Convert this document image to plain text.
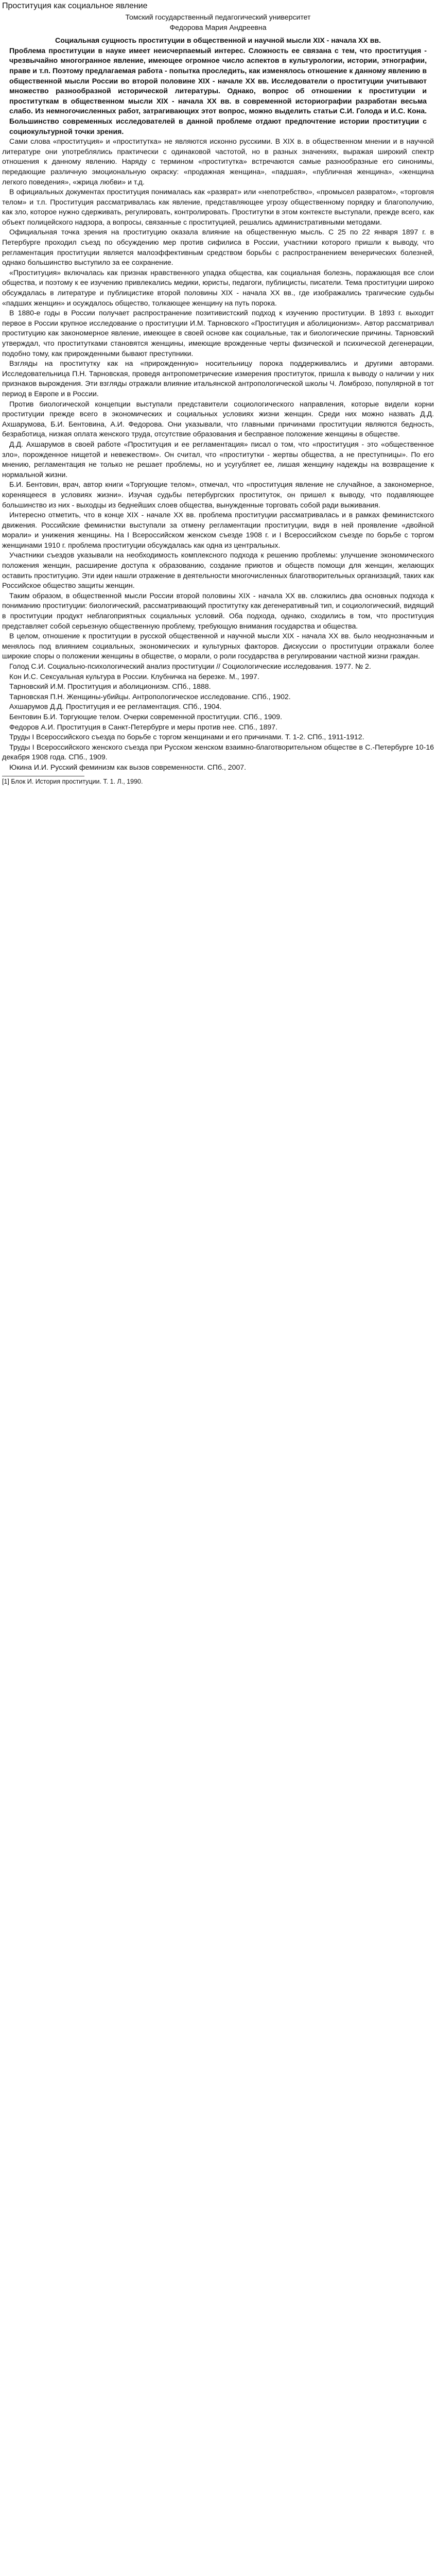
Проституция как социальное явление

Томский государственный педагогический университет

Федорова Мария Андреевна

Социальная сущность проституции в общественной и научной мысли XIX - начала XX вв.

Проблема проституции в науке имеет неисчерпаемый интерес. Сложность ее связана с тем, что проституция - чрезвычайно многогранное явление, имеющее огромное число аспектов в культурологии, истории, этнографии, праве и т.п. Поэтому предлагаемая работа - попытка проследить, как изменялось отношение к данному явлению в общественной мысли России во второй половине XIX - начале XX вв. Исследователи о проституции учитывают множество разнообразной исторической литературы. Однако, вопрос об отношении к проституции и проституткам в общественном мысли XIX - начала XX вв. в современной историографии разработан весьма слабо. Из немногочисленных работ, затрагивающих этот вопрос, можно выделить статьи С.И. Голода и И.С. Кона. Большинство современных исследователей в данной проблеме отдают предпочтение истории проституции с социокультурной точки зрения.

Сами слова «проституция» и «проститутка» не являются исконно русскими. В XIX в. в общественном мнении и в научной литературе они употреблялись практически с одинаковой частотой, но в разных значениях, выражая широкий спектр отношения к данному явлению. Наряду с термином «проститутка» встречаются самые разнообразные его синонимы, передающие различную эмоциональную окраску: «продажная женщина», «падшая», «публичная женщина», «женщина легкого поведения», «жрица любви» и т.д.

В официальных документах проституция понималась как «разврат» или «непотребство», «промысел развратом», «торговля телом» и т.п. Проституция рассматривалась как явление, представляющее угрозу общественному порядку и благополучию, как зло, которое нужно сдерживать, регулировать, контролировать. Проститутки в этом контексте выступали, прежде всего, как объект полицейского надзора, а вопросы, связанные с проституцией, решались административными методами.

Официальная точка зрения на проституцию оказала влияние на общественную мысль. С 25 по 22 января 1897 г. в Петербурге проходил съезд по обсуждению мер против сифилиса в России, участники которого пришли к выводу, что регламентация проституции является малоэффективным средством борьбы с распространением венерических болезней, однако большинство выступило за ее сохранение.

«Проституция» включалась как признак нравственного упадка общества, как социальная болезнь, поражающая все слои общества, и поэтому к ее изучению привлекались медики, юристы, педагоги, публицисты, писатели. Тема проституции широко обсуждалась в литературе и публицистике второй половины XIX - начала XX вв., где изображались трагические судьбы «падших женщин» и осуждалось общество, толкающее женщину на путь порока.

В 1880-е годы в России получает распространение позитивистский подход к изучению проституции. В 1893 г. выходит первое в России крупное исследование о проституции И.М. Тарновского «Проституция и аболиционизм». Автор рассматривал проституцию как закономерное явление, имеющее в своей основе как социальные, так и биологические причины. Тарновский утверждал, что проститутками становятся женщины, имеющие врожденные черты физической и психической дегенерации, подобно тому, как прирожденными бывают преступники.

Взгляды на проститутку как на «прирожденную» носительницу порока поддерживались и другими авторами. Исследовательница П.Н. Тарновская, проведя антропометрические измерения проституток, пришла к выводу о наличии у них признаков вырождения. Эти взгляды отражали влияние итальянской антропологической школы Ч. Ломброзо, популярной в тот период в Европе и в России.

Против биологической концепции выступали представители социологического направления, которые видели корни проституции прежде всего в экономических и социальных условиях жизни женщин. Среди них можно назвать Д.Д. Ахшарумова, Б.И. Бентовина, А.И. Федорова. Они указывали, что главными причинами проституции являются бедность, безработица, низкая оплата женского труда, отсутствие образования и бесправное положение женщины в обществе.

Д.Д. Ахшарумов в своей работе «Проституция и ее регламентация» писал о том, что «проституция - это «общественное зло», порожденное нищетой и невежеством». Он считал, что «проститутки - жертвы общества, а не преступницы». По его мнению, регламентация не только не решает проблемы, но и усугубляет ее, лишая женщину надежды на возвращение к нормальной жизни.

Б.И. Бентовин, врач, автор книги «Торгующие телом», отмечал, что «проституция явление не случайное, а закономерное, коренящееся в условиях жизни». Изучая судьбы петербургских проституток, он пришел к выводу, что подавляющее большинство из них - выходцы из беднейших слоев общества, вынужденные торговать собой ради выживания.

Интересно отметить, что в конце XIX - начале XX вв. проблема проституции рассматривалась и в рамках феминистского движения. Российские феминистки выступали за отмену регламентации проституции, видя в ней проявление «двойной морали» и унижения женщины. На I Всероссийском женском съезде 1908 г. и I Всероссийском съезде по борьбе с торгом женщинами 1910 г. проблема проституции обсуждалась как одна из центральных.

Участники съездов указывали на необходимость комплексного подхода к решению проблемы: улучшение экономического положения женщин, расширение доступа к образованию, создание приютов и обществ помощи для женщин, желающих оставить проституцию. Эти идеи нашли отражение в деятельности многочисленных благотворительных организаций, таких как Российское общество защиты женщин.

Таким образом, в общественной мысли России второй половины XIX - начала XX вв. сложились два основных подхода к пониманию проституции: биологический, рассматривающий проститутку как дегенеративный тип, и социологический, видящий в проституции продукт неблагоприятных социальных условий. Оба подхода, однако, сходились в том, что проституция представляет собой серьезную общественную проблему, требующую внимания государства и общества.

В целом, отношение к проституции в русской общественной и научной мысли XIX - начала XX вв. было неоднозначным и менялось под влиянием социальных, экономических и культурных факторов. Дискуссии о проституции отражали более широкие споры о положении женщины в обществе, о морали, о роли государства в регулировании частной жизни граждан.

Голод С.И. Социально-психологический анализ проституции // Социологические исследования. 1977. № 2.

Кон И.С. Сексуальная культура в России. Клубничка на березке. М., 1997.

Тарновский И.М. Проституция и аболиционизм. СПб., 1888.

Тарновская П.Н. Женщины-убийцы. Антропологическое исследование. СПб., 1902.

Ахшарумов Д.Д. Проституция и ее регламентация. СПб., 1904.

Бентовин Б.И. Торгующие телом. Очерки современной проституции. СПб., 1909.

Федоров А.И. Проституция в Санкт-Петербурге и меры против нее. СПб., 1897.

Труды I Всероссийского съезда по борьбе с торгом женщинами и его причинами. Т. 1-2. СПб., 1911-1912.

Труды I Всероссийского женского съезда при Русском женском взаимно-благотворительном обществе в С.-Петербурге 10-16 декабря 1908 года. СПб., 1909.

Юкина И.И. Русский феминизм как вызов современности. СПб., 2007.

[1] Блок И. История проституции. Т. 1. Л., 1990.
